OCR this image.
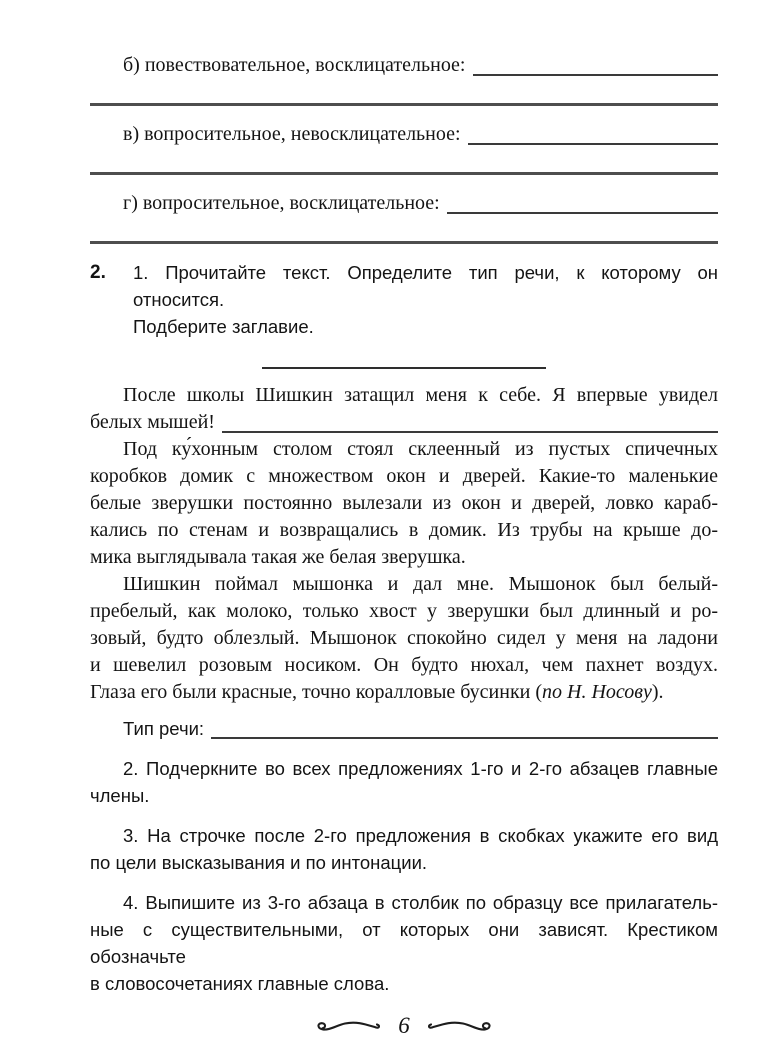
б) повествовательное, восклицательное:
в) вопросительное, невосклицательное:
г) вопросительное, восклицательное:
2.	1. Прочитайте текст. Определите тип речи, к которому он относится.
Подберите заглавие.
После школы Шишкин затащил меня к себе. Я впервые увидел
белых мышей!
Под ку́хонным столом стоял склеенный из пустых спичечных
коробков домик с множеством окон и дверей. Какие-то маленькие
белые зверушки постоянно вылезали из окон и дверей, ловко караб-
кались по стенам и возвращались в домик. Из трубы на крыше до-
мика выглядывала такая же белая зверушка.
Шишкин поймал мышонка и дал мне. Мышонок был белый-
пребелый, как молоко, только хвост у зверушки был длинный и ро-
зовый, будто облезлый. Мышонок спокойно сидел у меня на ладони
и шевелил розовым носиком. Он будто нюхал, чем пахнет воздух.
Глаза его были красные, точно коралловые бусинки (по Н. Носову).
Тип речи:
2. Подчеркните во всех предложениях 1-го и 2-го абзацев главные
члены.
3. На строчке после 2-го предложения в скобках укажите его вид
по цели высказывания и по интонации.
4. Выпишите из 3-го абзаца в столбик по образцу все прилагатель-
ные с существительными, от которых они зависят. Крестиком обозначьте
в словосочетаниях главные слова.
6
